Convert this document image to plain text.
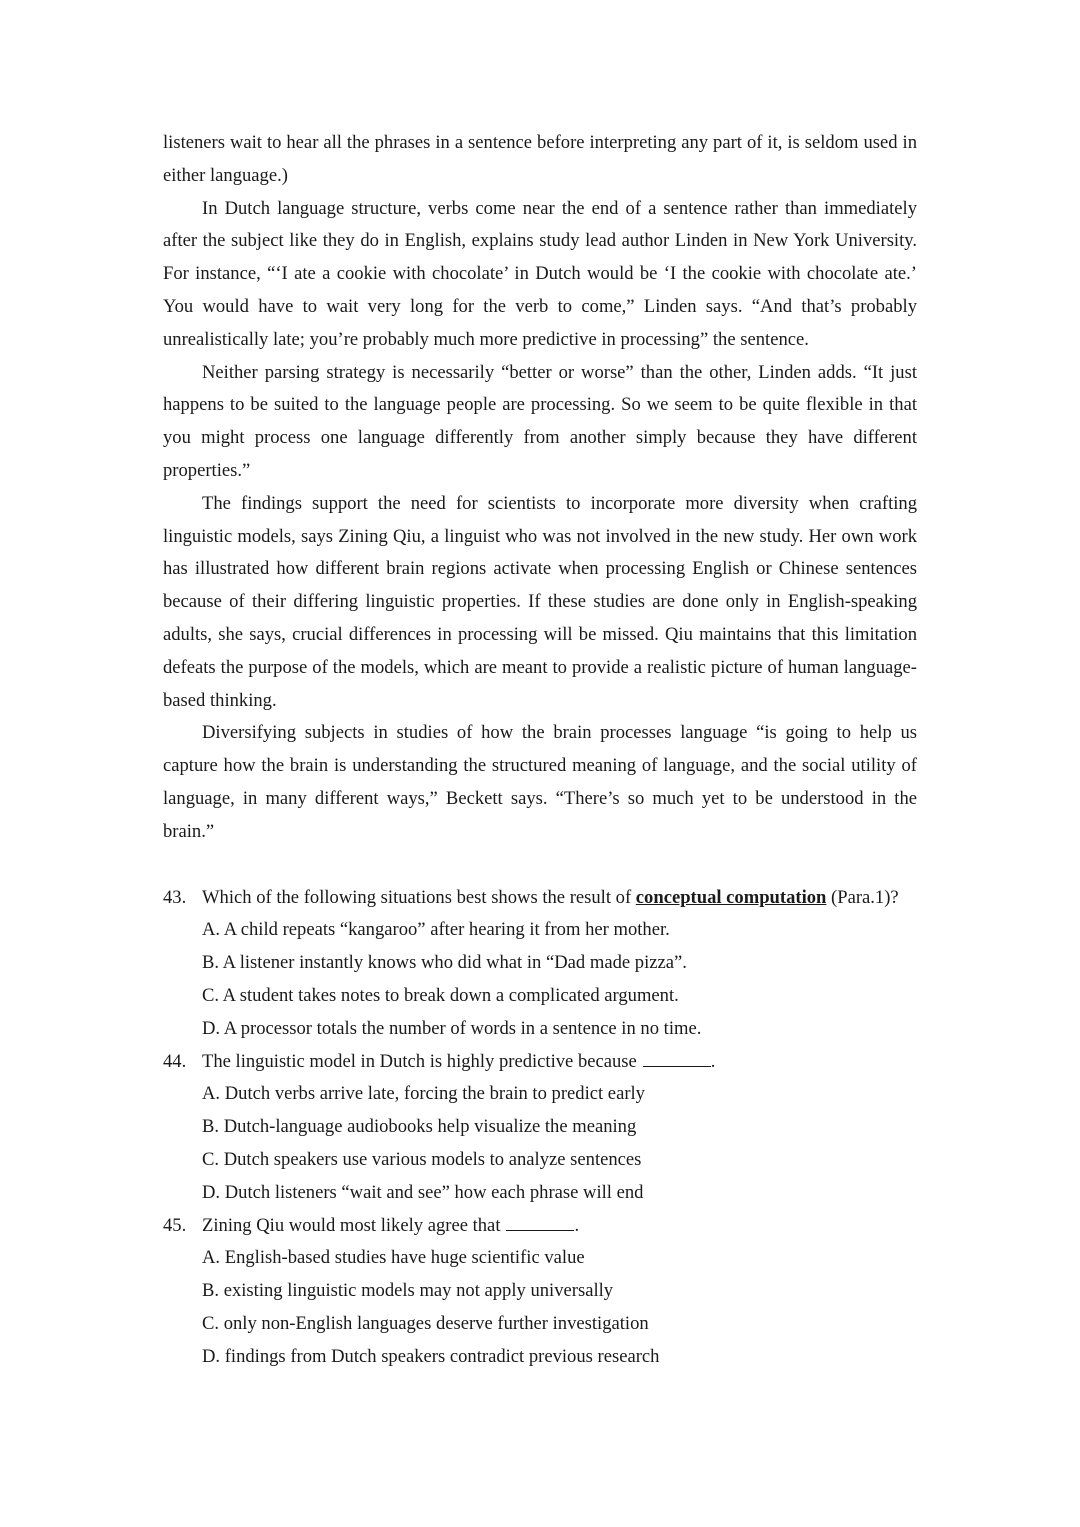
listeners wait to hear all the phrases in a sentence before interpreting any part of it, is seldom used in either language.)

In Dutch language structure, verbs come near the end of a sentence rather than immediately after the subject like they do in English, explains study lead author Linden in New York University. For instance, “‘I ate a cookie with chocolate’ in Dutch would be ‘I the cookie with chocolate ate.’ You would have to wait very long for the verb to come,” Linden says. “And that’s probably unrealistically late; you’re probably much more predictive in processing” the sentence.

Neither parsing strategy is necessarily “better or worse” than the other, Linden adds. “It just happens to be suited to the language people are processing. So we seem to be quite flexible in that you might process one language differently from another simply because they have different properties.”

The findings support the need for scientists to incorporate more diversity when crafting linguistic models, says Zining Qiu, a linguist who was not involved in the new study. Her own work has illustrated how different brain regions activate when processing English or Chinese sentences because of their differing linguistic properties. If these studies are done only in English-speaking adults, she says, crucial differences in processing will be missed. Qiu maintains that this limitation defeats the purpose of the models, which are meant to provide a realistic picture of human language-based thinking.

Diversifying subjects in studies of how the brain processes language “is going to help us capture how the brain is understanding the structured meaning of language, and the social utility of language, in many different ways,” Beckett says. “There’s so much yet to be understood in the brain.”

43. Which of the following situations best shows the result of conceptual computation (Para.1)?

A. A child repeats “kangaroo” after hearing it from her mother.

B. A listener instantly knows who did what in “Dad made pizza”.

C. A student takes notes to break down a complicated argument.

D. A processor totals the number of words in a sentence in no time.

44. The linguistic model in Dutch is highly predictive because	.

A. Dutch verbs arrive late, forcing the brain to predict early

B. Dutch-language audiobooks help visualize the meaning

C. Dutch speakers use various models to analyze sentences

D. Dutch listeners “wait and see” how each phrase will end

45. Zining Qiu would most likely agree that	.

A. English-based studies have huge scientific value

B. existing linguistic models may not apply universally

C. only non-English languages deserve further investigation

D. findings from Dutch speakers contradict previous research
